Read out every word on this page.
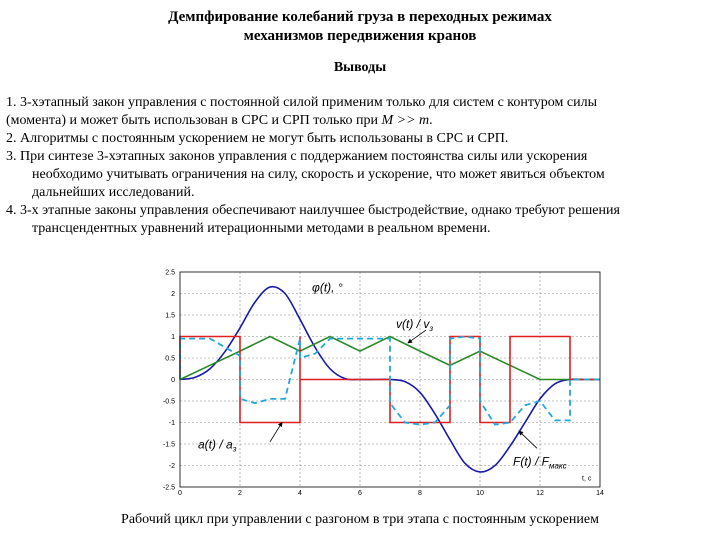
Демпфирование колебаний груза в переходных режимах
механизмов передвижения кранов
Выводы
1. 3-хэтапный закон управления с постоянной силой применим только для систем с контуром силы
(момента) и может быть использован в СРС и СРП только при M >> m.
2. Алгоритмы с постоянным ускорением не могут быть использованы в СРС и СРП.
3. При синтезе 3-хэтапных законов управления с поддержанием постоянства силы или ускорения
необходимо учитывать ограничения на силу, скорость и ускорение, что может явиться объектом
дальнейших исследований.
4. 3-х этапные законы управления обеспечивают наилучшее быстродействие, однако требуют решения
трансцендентных уравнений итерационными методами в реальном времени.
0	2	4	6	8	10	12	14
2.5
2
1.5
1
0.5
0
-0.5
-1
-1.5
-2
-2.5
φ(t), °
$v(t) / v_з$
$a(t) / a_з$
$F(t) / F_{макс}$
t, c
Рабочий цикл при управлении с разгоном в три этапа с постоянным ускорением
